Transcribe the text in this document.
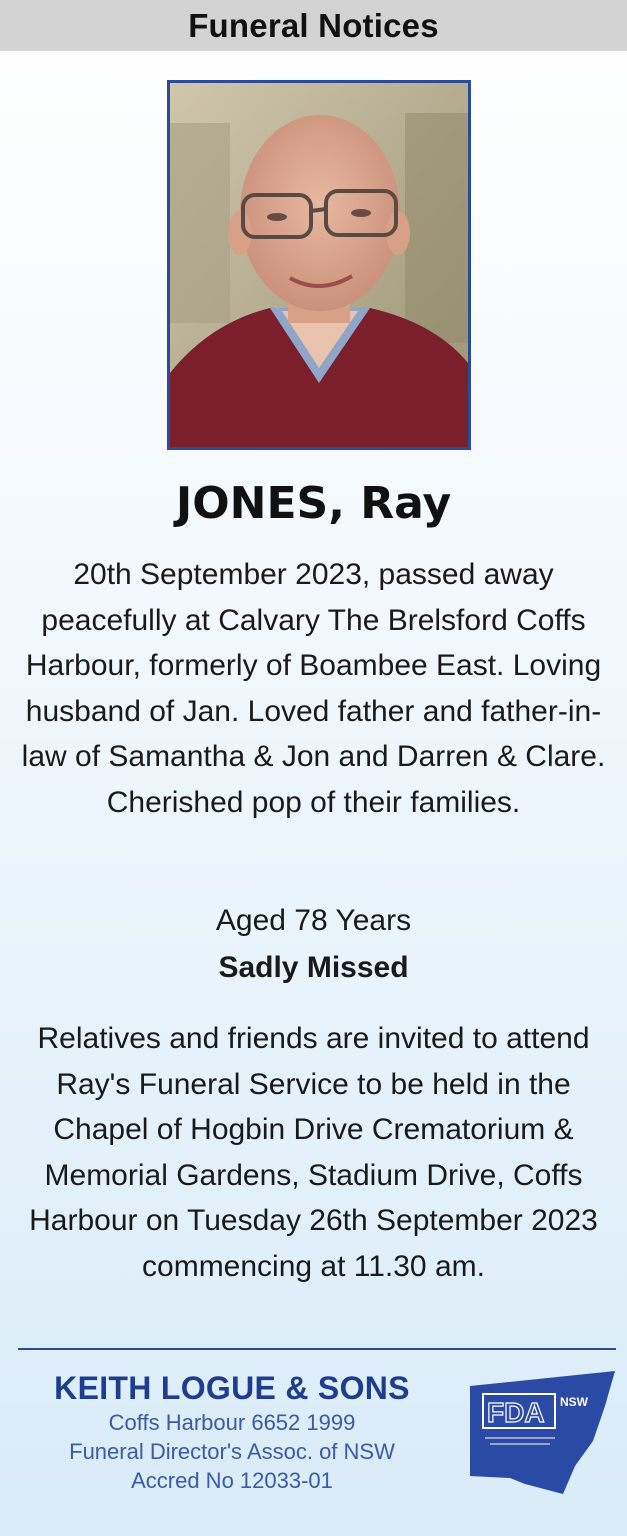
Funeral Notices
JONES, Ray
20th September 2023, passed away peacefully at Calvary The Brelsford Coffs Harbour, formerly of Boambee East. Loving husband of Jan. Loved father and father-in-law of Samantha & Jon and Darren & Clare. Cherished pop of their families.
Aged 78 Years
Sadly Missed
Relatives and friends are invited to attend Ray's Funeral Service to be held in the Chapel of Hogbin Drive Crematorium & Memorial Gardens, Stadium Drive, Coffs Harbour on Tuesday 26th September 2023 commencing at 11.30 am.
KEITH LOGUE & SONS
Coffs Harbour 6652 1999
Funeral Director's Assoc. of NSW
Accred No 12033-01
FDA NSW
